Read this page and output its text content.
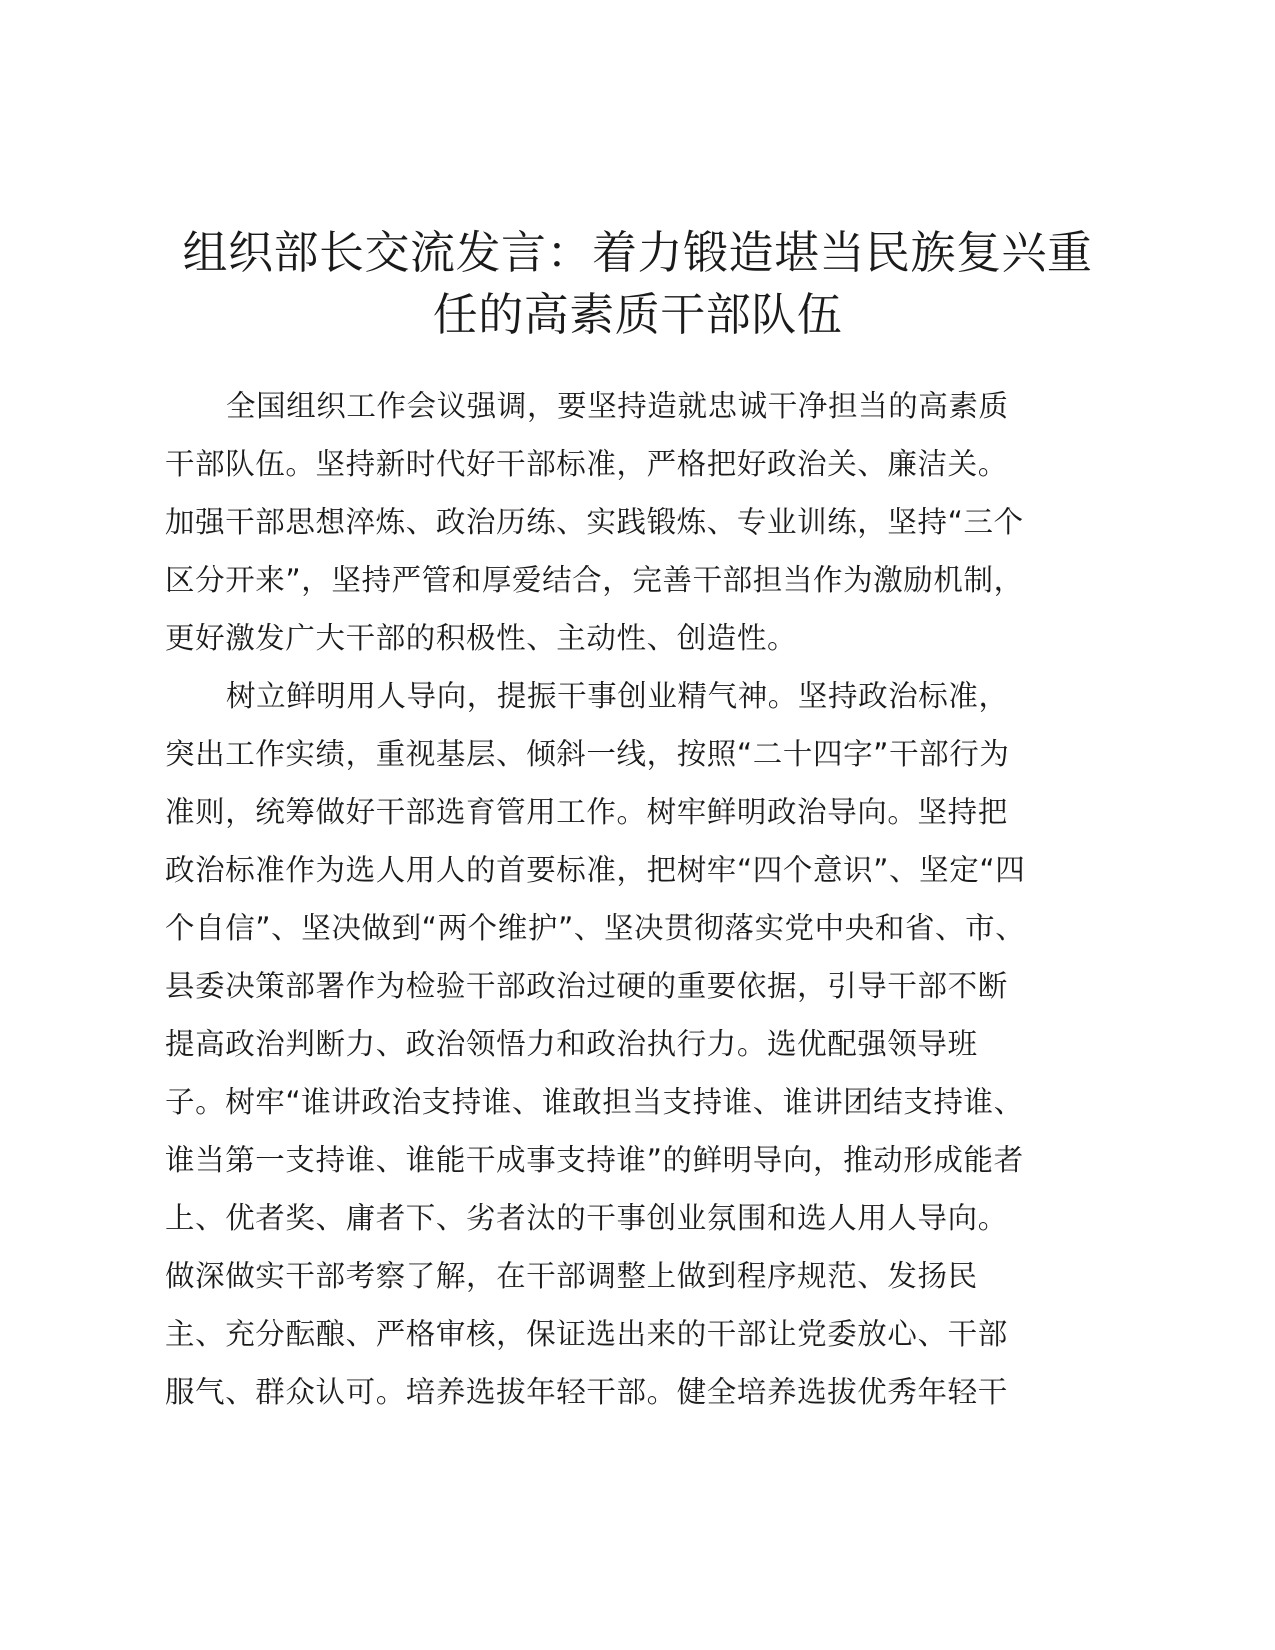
组织部长交流发言：着力锻造堪当民族复兴重
任的高素质干部队伍
全国组织工作会议强调，要坚持造就忠诚干净担当的高素质
干部队伍。坚持新时代好干部标准，严格把好政治关、廉洁关。
加强干部思想淬炼、政治历练、实践锻炼、专业训练，坚持“三个
区分开来”，坚持严管和厚爱结合，完善干部担当作为激励机制，
更好激发广大干部的积极性、主动性、创造性。
树立鲜明用人导向，提振干事创业精气神。坚持政治标准，
突出工作实绩，重视基层、倾斜一线，按照“二十四字”干部行为
准则，统筹做好干部选育管用工作。树牢鲜明政治导向。坚持把
政治标准作为选人用人的首要标准，把树牢“四个意识”、坚定“四
个自信”、坚决做到“两个维护”、坚决贯彻落实党中央和省、市、
县委决策部署作为检验干部政治过硬的重要依据，引导干部不断
提高政治判断力、政治领悟力和政治执行力。选优配强领导班
子。树牢“谁讲政治支持谁、谁敢担当支持谁、谁讲团结支持谁、
谁当第一支持谁、谁能干成事支持谁”的鲜明导向，推动形成能者
上、优者奖、庸者下、劣者汰的干事创业氛围和选人用人导向。
做深做实干部考察了解，在干部调整上做到程序规范、发扬民
主、充分酝酿、严格审核，保证选出来的干部让党委放心、干部
服气、群众认可。培养选拔年轻干部。健全培养选拔优秀年轻干
